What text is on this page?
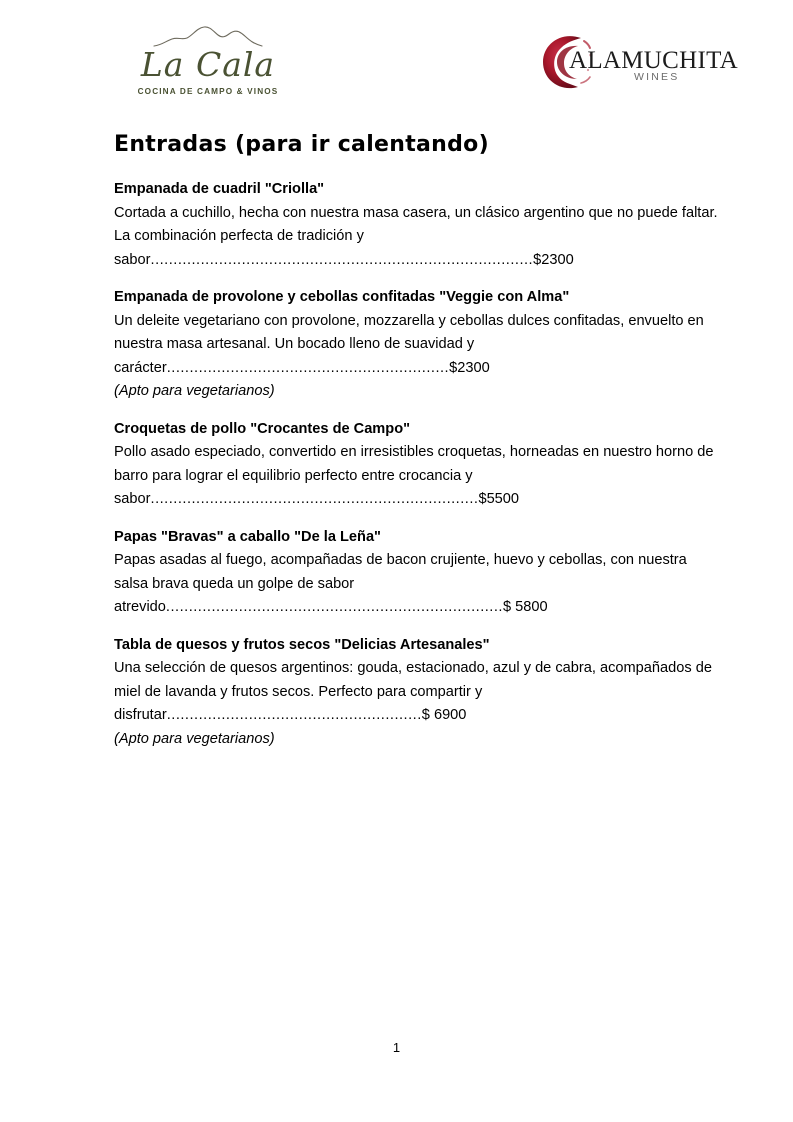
La Cala
COCINA DE CAMPO & VINOS
ALAMUCHITA
WINES
Entradas (para ir calentando)
Empanada de cuadril "Criolla"
Cortada a cuchillo, hecha con nuestra masa casera, un clásico argentino que no puede faltar. La combinación perfecta de tradición y sabor....................................................................................$2300
Empanada de provolone y cebollas confitadas "Veggie con Alma"
Un deleite vegetariano con provolone, mozzarella y cebollas dulces confitadas, envuelto en nuestra masa artesanal. Un bocado lleno de suavidad y carácter..............................................................$2300
(Apto para vegetarianos)
Croquetas de pollo "Crocantes de Campo"
Pollo asado especiado, convertido en irresistibles croquetas, horneadas en nuestro horno de barro para lograr el equilibrio perfecto entre crocancia y sabor........................................................................$5500
Papas "Bravas" a caballo "De la Leña"
Papas asadas al fuego, acompañadas de bacon crujiente, huevo y cebollas, con nuestra salsa brava queda un golpe de sabor atrevido..........................................................................$ 5800
Tabla de quesos y frutos secos "Delicias Artesanales"
Una selección de quesos argentinos: gouda, estacionado, azul y de cabra, acompañados de miel de lavanda y frutos secos. Perfecto para compartir y disfrutar........................................................$ 6900
(Apto para vegetarianos)
1
